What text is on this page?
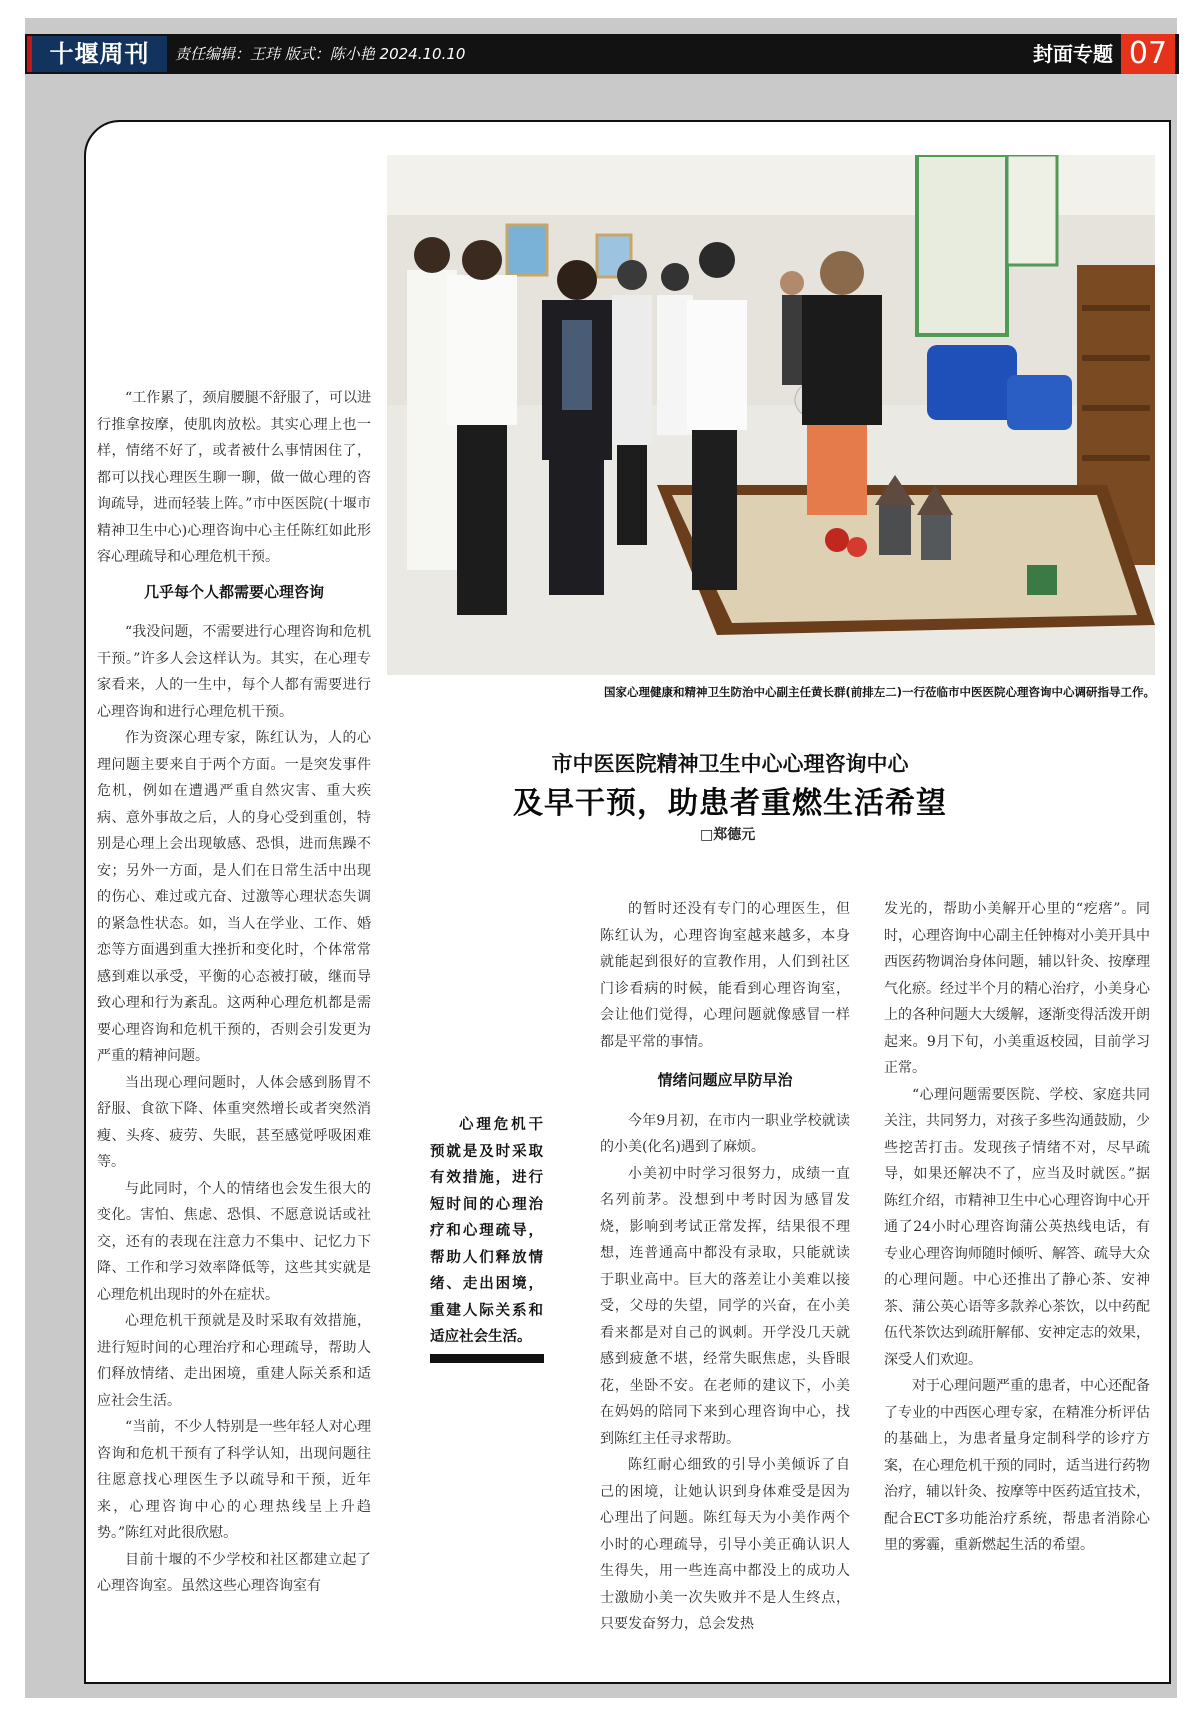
十堰周刊	责任编辑：王玮 版式：陈小艳 2024.10.10	封面专题 07
国家心理健康和精神卫生防治中心副主任黄长群(前排左二)一行莅临市中医医院心理咨询中心调研指导工作。
市中医医院精神卫生中心心理咨询中心
及早干预，助患者重燃生活希望
□郑德元

“工作累了，颈肩腰腿不舒服了，可以进行推拿按摩，使肌肉放松。其实心理上也一样，情绪不好了，或者被什么事情困住了，都可以找心理医生聊一聊，做一做心理的咨询疏导，进而轻装上阵。”市中医医院(十堰市精神卫生中心)心理咨询中心主任陈红如此形容心理疏导和心理危机干预。

几乎每个人都需要心理咨询

“我没问题，不需要进行心理咨询和危机干预。”许多人会这样认为。其实，在心理专家看来，人的一生中，每个人都有需要进行心理咨询和进行心理危机干预。

作为资深心理专家，陈红认为，人的心理问题主要来自于两个方面。一是突发事件危机，例如在遭遇严重自然灾害、重大疾病、意外事故之后，人的身心受到重创，特别是心理上会出现敏感、恐惧，进而焦躁不安；另外一方面，是人们在日常生活中出现的伤心、难过或亢奋、过激等心理状态失调的紧急性状态。如，当人在学业、工作、婚恋等方面遇到重大挫折和变化时，个体常常感到难以承受，平衡的心态被打破，继而导致心理和行为紊乱。这两种心理危机都是需要心理咨询和危机干预的，否则会引发更为严重的精神问题。

当出现心理问题时，人体会感到肠胃不舒服、食欲下降、体重突然增长或者突然消瘦、头疼、疲劳、失眠，甚至感觉呼吸困难等。

与此同时，个人的情绪也会发生很大的变化。害怕、焦虑、恐惧、不愿意说话或社交，还有的表现在注意力不集中、记忆力下降、工作和学习效率降低等，这些其实就是心理危机出现时的外在症状。

心理危机干预就是及时采取有效措施，进行短时间的心理治疗和心理疏导，帮助人们释放情绪、走出困境，重建人际关系和适应社会生活。

“当前，不少人特别是一些年轻人对心理咨询和危机干预有了科学认知，出现问题往往愿意找心理医生予以疏导和干预，近年来，心理咨询中心的心理热线呈上升趋势。”陈红对此很欣慰。

目前十堰的不少学校和社区都建立起了心理咨询室。虽然这些心理咨询室有

心理危机干预就是及时采取有效措施，进行短时间的心理治疗和心理疏导，帮助人们释放情绪、走出困境，重建人际关系和适应社会生活。

的暂时还没有专门的心理医生，但陈红认为，心理咨询室越来越多，本身就能起到很好的宣教作用，人们到社区门诊看病的时候，能看到心理咨询室，会让他们觉得，心理问题就像感冒一样都是平常的事情。

情绪问题应早防早治

今年9月初，在市内一职业学校就读的小美(化名)遇到了麻烦。

小美初中时学习很努力，成绩一直名列前茅。没想到中考时因为感冒发烧，影响到考试正常发挥，结果很不理想，连普通高中都没有录取，只能就读于职业高中。巨大的落差让小美难以接受，父母的失望，同学的兴奋，在小美看来都是对自己的讽刺。开学没几天就感到疲惫不堪，经常失眠焦虑，头昏眼花，坐卧不安。在老师的建议下，小美在妈妈的陪同下来到心理咨询中心，找到陈红主任寻求帮助。

陈红耐心细致的引导小美倾诉了自己的困境，让她认识到身体难受是因为心理出了问题。陈红每天为小美作两个小时的心理疏导，引导小美正确认识人生得失，用一些连高中都没上的成功人士激励小美一次失败并不是人生终点，只要发奋努力，总会发热

发光的，帮助小美解开心里的“疙瘩”。同时，心理咨询中心副主任钟梅对小美开具中西医药物调治身体问题，辅以针灸、按摩理气化瘀。经过半个月的精心治疗，小美身心上的各种问题大大缓解，逐渐变得活泼开朗起来。9月下旬，小美重返校园，目前学习正常。

“心理问题需要医院、学校、家庭共同关注，共同努力，对孩子多些沟通鼓励，少些挖苦打击。发现孩子情绪不对，尽早疏导，如果还解决不了，应当及时就医。”据陈红介绍，市精神卫生中心心理咨询中心开通了24小时心理咨询蒲公英热线电话，有专业心理咨询师随时倾听、解答、疏导大众的心理问题。中心还推出了静心茶、安神茶、蒲公英心语等多款养心茶饮，以中药配伍代茶饮达到疏肝解郁、安神定志的效果，深受人们欢迎。

对于心理问题严重的患者，中心还配备了专业的中西医心理专家，在精准分析评估的基础上，为患者量身定制科学的诊疗方案，在心理危机干预的同时，适当进行药物治疗，辅以针灸、按摩等中医药适宜技术，配合ECT多功能治疗系统，帮患者消除心里的雾霾，重新燃起生活的希望。
